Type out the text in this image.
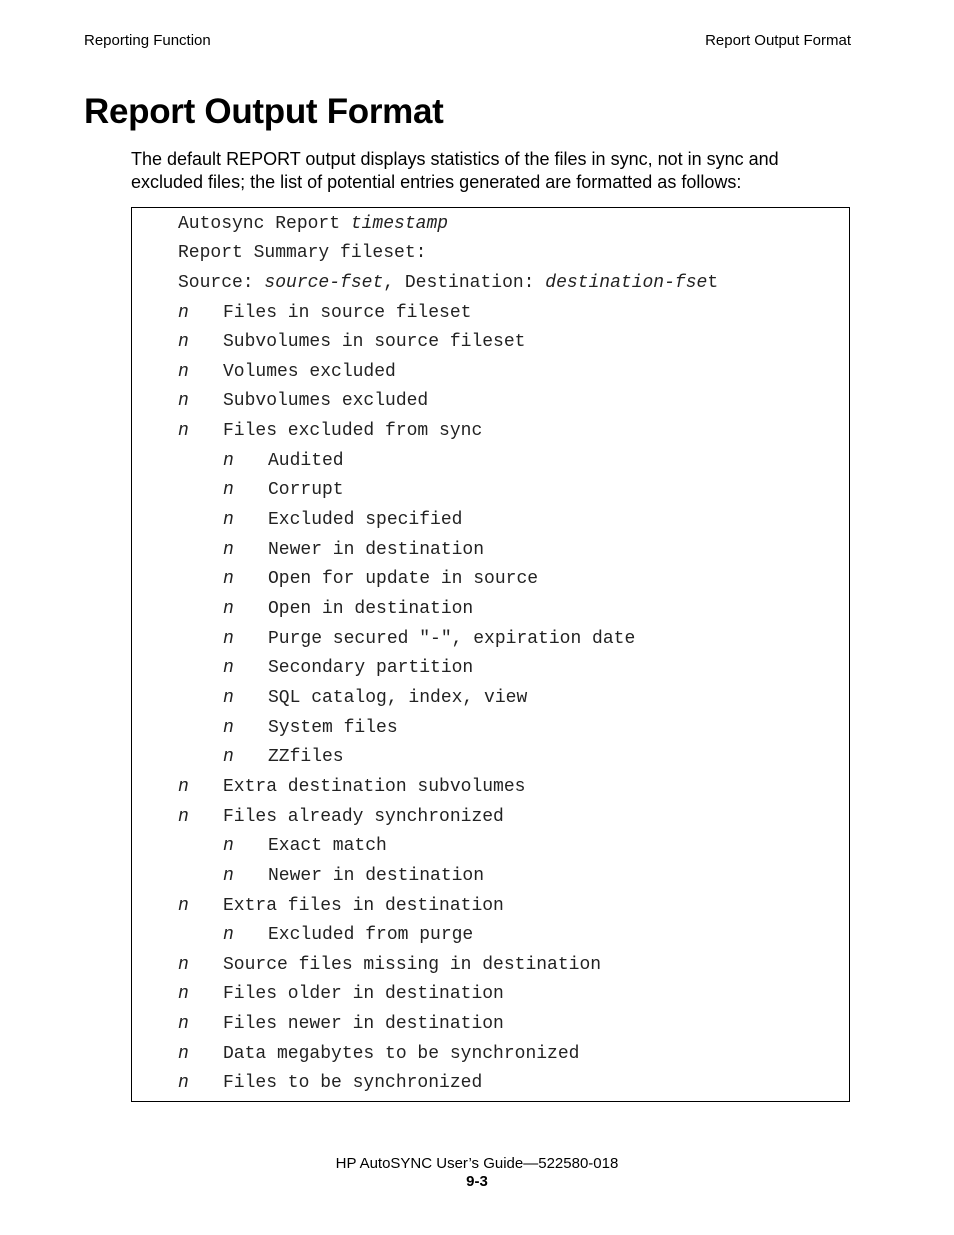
Reporting Function	Report Output Format
Report Output Format

The default REPORT output displays statistics of the files in sync, not in sync and excluded files; the list of potential entries generated are formatted as follows:

Autosync Report timestamp
Report Summary fileset:
Source: source-fset, Destination: destination-fset
n Files in source fileset
n Subvolumes in source fileset
n Volumes excluded
n Subvolumes excluded
n Files excluded from sync
n Audited
n Corrupt
n Excluded specified
n Newer in destination
n Open for update in source
n Open in destination
n Purge secured "-", expiration date
n Secondary partition
n SQL catalog, index, view
n System files
n ZZfiles
n Extra destination subvolumes
n Files already synchronized
n Exact match
n Newer in destination
n Extra files in destination
n Excluded from purge
n Source files missing in destination
n Files older in destination
n Files newer in destination
n Data megabytes to be synchronized
n Files to be synchronized
HP AutoSYNC User’s Guide—522580-018
9-3
